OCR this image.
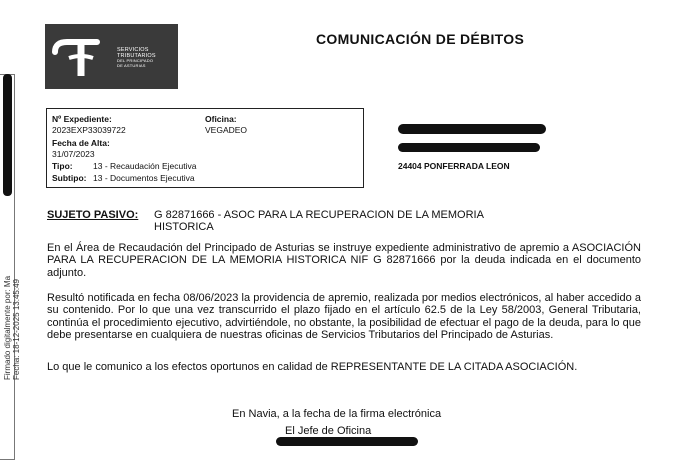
Firmado digitalmente por: Ma Fecha: 18-12-2025 13:45:49
SERVICIOS
TRIBUTARIOS
DEL PRINCIPADO
DE ASTURIAS
COMUNICACIÓN DE DÉBITOS
Nº Expediente:
2023EXP33039722
Oficina:
VEGADEO
Fecha de Alta:
31/07/2023
Tipo: 13 - Recaudación Ejecutiva
Subtipo: 13 - Documentos Ejecutiva
24404 PONFERRADA LEON
SUJETO PASIVO: G 82871666 - ASOC PARA LA RECUPERACION DE LA MEMORIA HISTORICA
En el Área de Recaudación del Principado de Asturias se instruye expediente administrativo de apremio a ASOCIACIÓN PARA LA RECUPERACION DE LA MEMORIA HISTORICA NIF G 82871666 por la deuda indicada en el documento adjunto.
Resultó notificada en fecha 08/06/2023 la providencia de apremio, realizada por medios electrónicos, al haber accedido a su contenido. Por lo que una vez transcurrido el plazo fijado en el artículo 62.5 de la Ley 58/2003, General Tributaria, continúa el procedimiento ejecutivo, advirtiéndole, no obstante, la posibilidad de efectuar el pago de la deuda, para lo que debe presentarse en cualquiera de nuestras oficinas de Servicios Tributarios del Principado de Asturias.
Lo que le comunico a los efectos oportunos en calidad de REPRESENTANTE DE LA CITADA ASOCIACIÓN.
En Navia, a la fecha de la firma electrónica
El Jefe de Oficina
